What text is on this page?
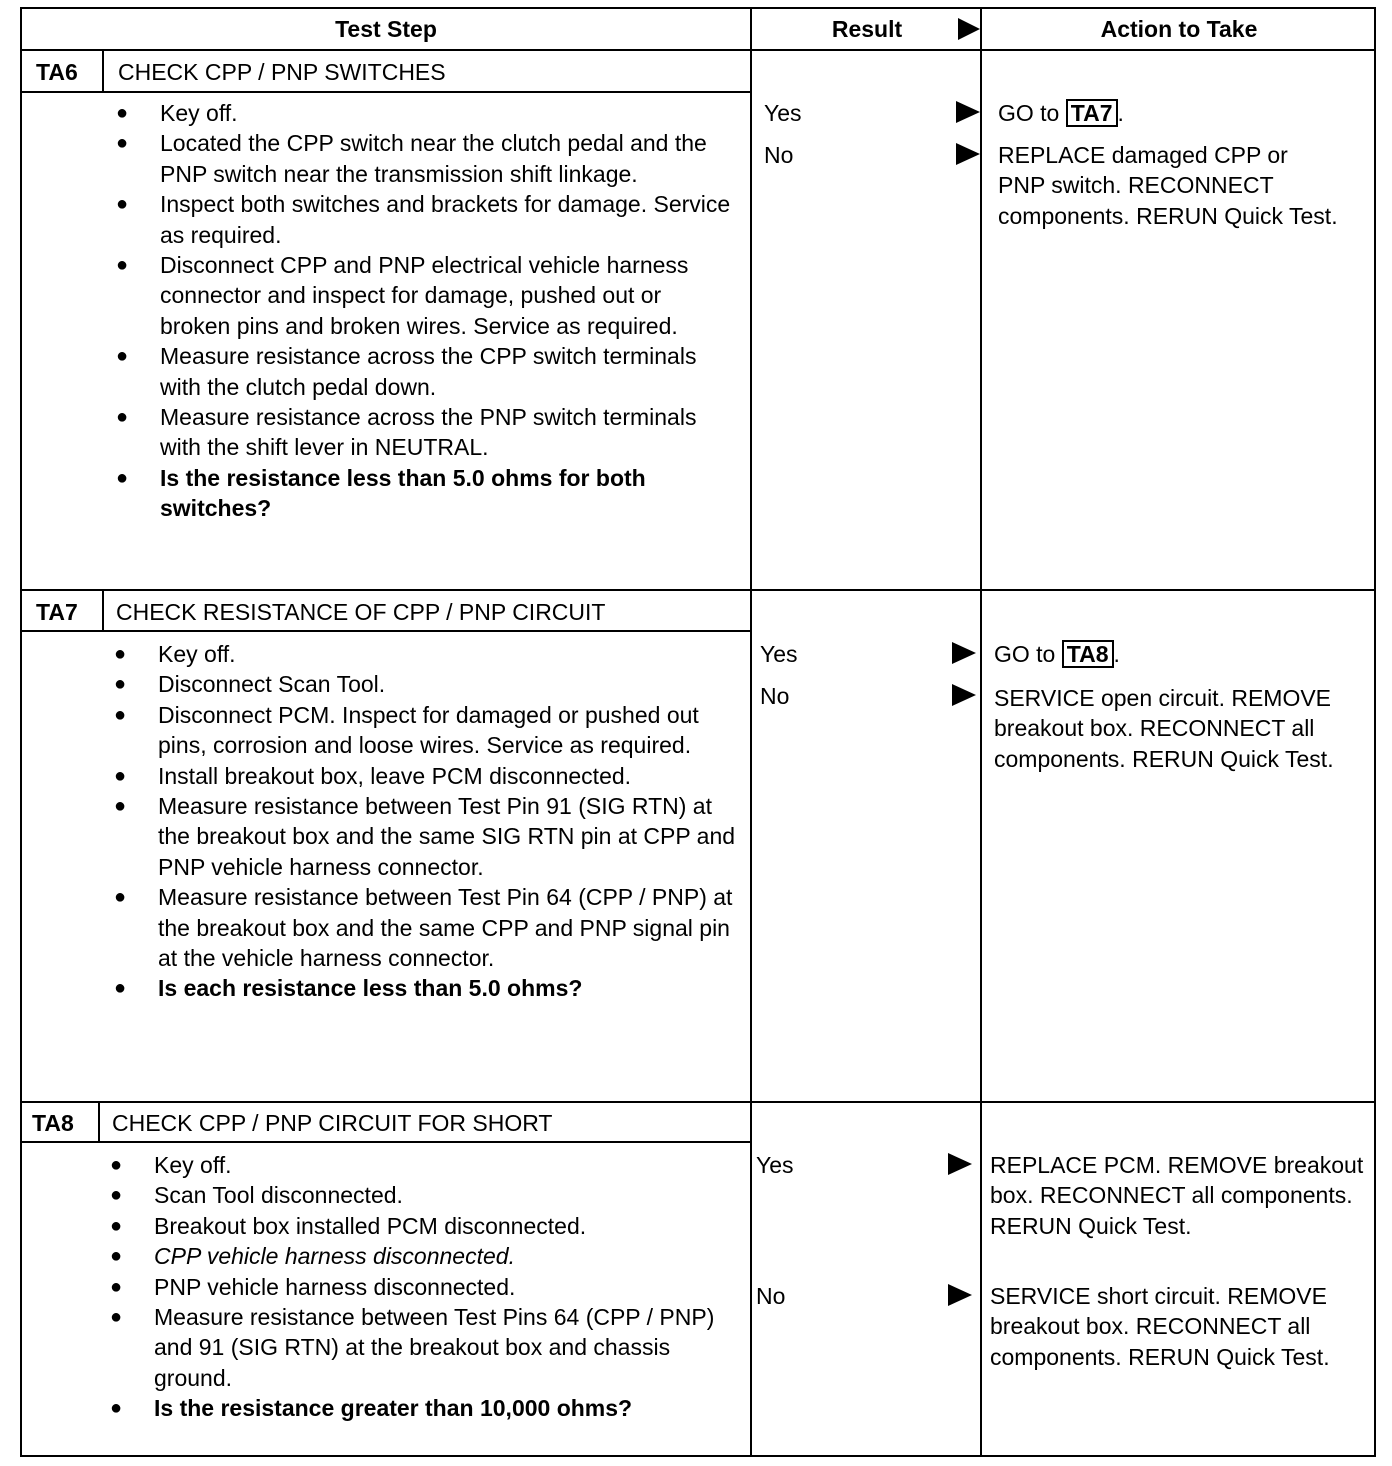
Test Step	Result	Action to Take
TA6 CHECK CPP / PNP SWITCHES
● Key off.
● Located the CPP switch near the clutch pedal and the PNP switch near the transmission shift linkage.
● Inspect both switches and brackets for damage. Service as required.
● Disconnect CPP and PNP electrical vehicle harness connector and inspect for damage, pushed out or broken pins and broken wires. Service as required.
● Measure resistance across the CPP switch terminals with the clutch pedal down.
● Measure resistance across the PNP switch terminals with the shift lever in NEUTRAL.
● Is the resistance less than 5.0 ohms for both switches?
Yes
No
GO to TA7 .
REPLACE damaged CPP or PNP switch. RECONNECT components. RERUN Quick Test.
TA7 CHECK RESISTANCE OF CPP / PNP CIRCUIT
● Key off.
● Disconnect Scan Tool.
● Disconnect PCM. Inspect for damaged or pushed out pins, corrosion and loose wires. Service as required.
● Install breakout box, leave PCM disconnected.
● Measure resistance between Test Pin 91 (SIG RTN) at the breakout box and the same SIG RTN pin at CPP and PNP vehicle harness connector.
● Measure resistance between Test Pin 64 (CPP / PNP) at the breakout box and the same CPP and PNP signal pin at the vehicle harness connector.
● Is each resistance less than 5.0 ohms?
Yes
No
GO to TA8 .
SERVICE open circuit. REMOVE breakout box. RECONNECT all components. RERUN Quick Test.
TA8 CHECK CPP / PNP CIRCUIT FOR SHORT
● Key off.
● Scan Tool disconnected.
● Breakout box installed PCM disconnected.
● CPP vehicle harness disconnected.
● PNP vehicle harness disconnected.
● Measure resistance between Test Pins 64 (CPP / PNP) and 91 (SIG RTN) at the breakout box and chassis ground.
● Is the resistance greater than 10,000 ohms?
Yes
No
REPLACE PCM. REMOVE breakout box. RECONNECT all components. RERUN Quick Test.
SERVICE short circuit. REMOVE breakout box. RECONNECT all components. RERUN Quick Test.
